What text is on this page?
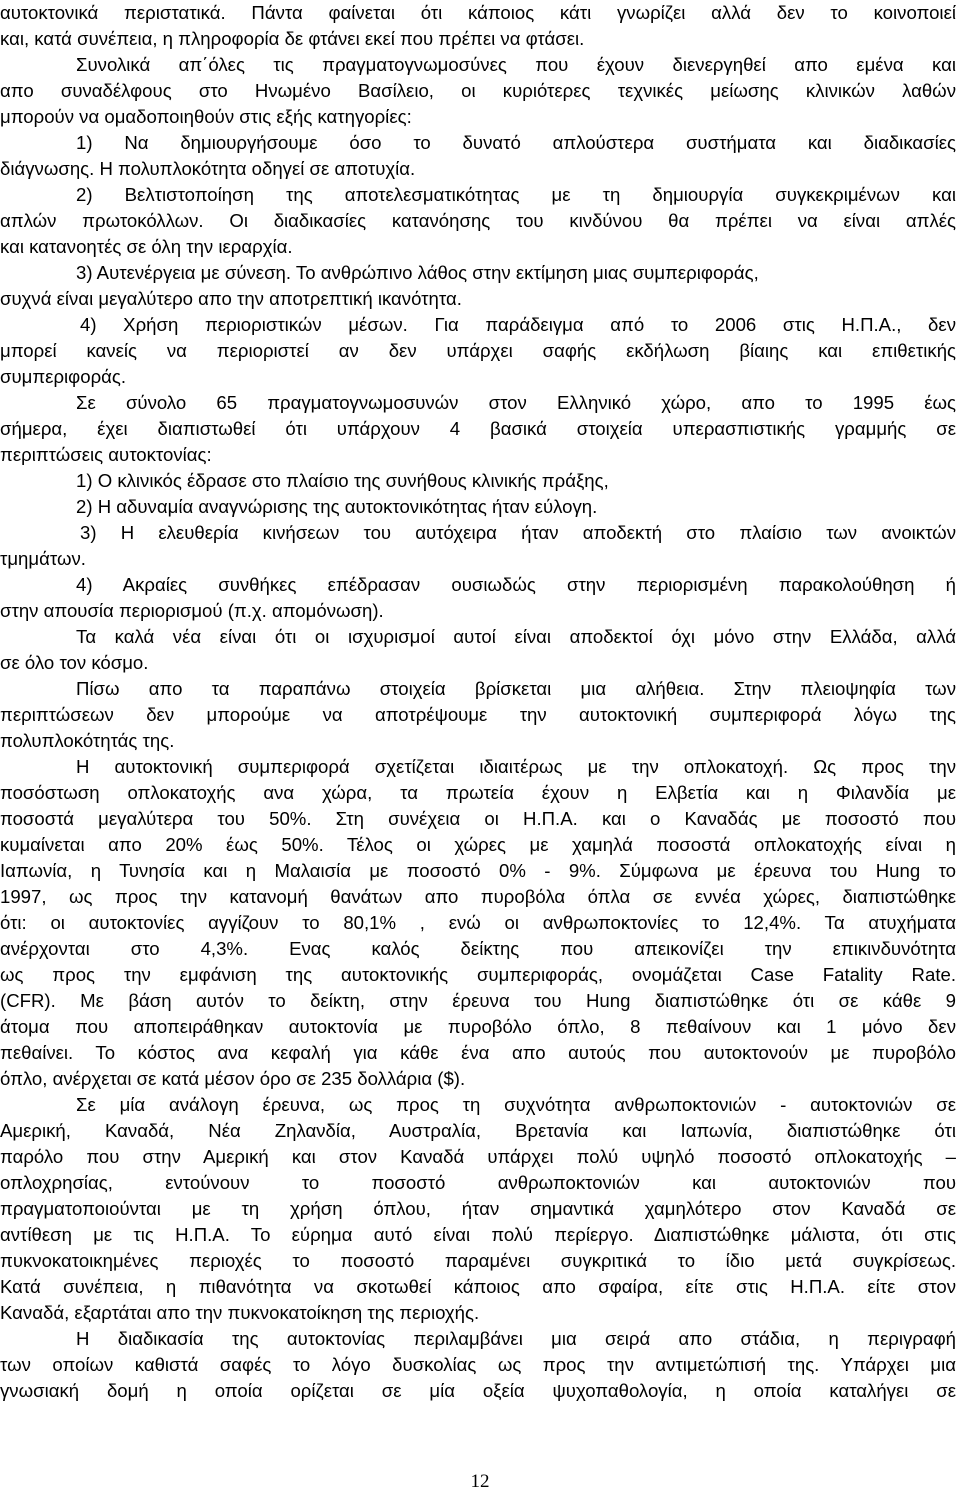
αυτοκτονικά περιστατικά. Πάντα φαίνεται ότι κάποιος κάτι γνωρίζει αλλά δεν το κοινοποιεί
και, κατά συνέπεια, η πληροφορία δε φτάνει εκεί που πρέπει να φτάσει.
Συνολικά απ΄όλες τις πραγματογνωμοσύνες που έχουν διενεργηθεί απο εμένα και
απο συναδέλφους στο Ηνωμένο Βασίλειο, οι κυριότερες τεχνικές μείωσης κλινικών λαθών
μπορούν να ομαδοποιηθούν στις εξής κατηγορίες:
1) Να δημιουργήσουμε όσο το δυνατό απλούστερα συστήματα και διαδικασίες
διάγνωσης. Η πολυπλοκότητα οδηγεί σε αποτυχία.
2) Βελτιστοποίηση της αποτελεσματικότητας με τη δημιουργία συγκεκριμένων και
απλών πρωτοκόλλων. Οι διαδικασίες κατανόησης του κινδύνου θα πρέπει να είναι απλές
και κατανοητές σε όλη την ιεραρχία.
3) Αυτενέργεια με σύνεση. Το ανθρώπινο λάθος στην εκτίμηση μιας συμπεριφοράς,
συχνά είναι μεγαλύτερο απο την αποτρεπτική ικανότητα.
4) Χρήση περιοριστικών μέσων. Για παράδειγμα από το 2006 στις Η.Π.Α., δεν
μπορεί κανείς να περιοριστεί αν δεν υπάρχει σαφής εκδήλωση βίαιης και επιθετικής
συμπεριφοράς.
Σε σύνολο 65 πραγματογνωμοσυνών στον Ελληνικό χώρο, απο το 1995 έως
σήμερα, έχει διαπιστωθεί ότι υπάρχουν 4 βασικά στοιχεία υπερασπιστικής γραμμής σε
περιπτώσεις αυτοκτονίας:
1) Ο κλινικός έδρασε στο πλαίσιο της συνήθους κλινικής πράξης,
2) Η αδυναμία αναγνώρισης της αυτοκτονικότητας ήταν εύλογη.
3) Η ελευθερία κινήσεων του αυτόχειρα ήταν αποδεκτή στο πλαίσιο των ανοικτών
τμημάτων.
4) Ακραίες συνθήκες επέδρασαν ουσιωδώς στην περιορισμένη παρακολούθηση ή
στην απουσία περιορισμού (π.χ. απομόνωση).
Τα καλά νέα είναι ότι οι ισχυρισμοί αυτοί είναι αποδεκτοί όχι μόνο στην Ελλάδα, αλλά
σε όλο τον κόσμο.
Πίσω απο τα παραπάνω στοιχεία βρίσκεται μια αλήθεια. Στην πλειοψηφία των
περιπτώσεων δεν μπορούμε να αποτρέψουμε την αυτοκτονική συμπεριφορά λόγω της
πολυπλοκότητάς της.
Η αυτοκτονική συμπεριφορά σχετίζεται ιδιαιτέρως με την οπλοκατοχή. Ως προς την
ποσόστωση οπλοκατοχής ανα χώρα, τα πρωτεία έχουν η Ελβετία και η Φιλανδία με
ποσοστά μεγαλύτερα του 50%. Στη συνέχεια οι Η.Π.Α. και ο Καναδάς με ποσοστό που
κυμαίνεται απο 20% έως 50%. Τέλος οι χώρες με χαμηλά ποσοστά οπλοκατοχής είναι η
Ιαπωνία, η Τυνησία και η Μαλαισία με ποσοστό 0% - 9%. Σύμφωνα με έρευνα του Hung το
1997, ως προς την κατανομή θανάτων απο πυροβόλα όπλα σε εννέα χώρες, διαπιστώθηκε
ότι: οι αυτοκτονίες αγγίζουν το 80,1% , ενώ οι ανθρωποκτονίες το 12,4%. Τα ατυχήματα
ανέρχονται στο 4,3%. Ενας καλός δείκτης που απεικονίζει την επικινδυνότητα
ως προς την εμφάνιση της αυτοκτονικής συμπεριφοράς, ονομάζεται Case Fatality Rate.
(CFR). Με βάση αυτόν το δείκτη, στην έρευνα του Hung διαπιστώθηκε ότι σε κάθε 9
άτομα που αποπειράθηκαν αυτοκτονία με πυροβόλο όπλο, 8 πεθαίνουν και 1 μόνο δεν
πεθαίνει. Το κόστος ανα κεφαλή για κάθε ένα απο αυτούς που αυτοκτονούν με πυροβόλο
όπλο, ανέρχεται σε κατά μέσον όρο σε 235 δολλάρια ($).
Σε μία ανάλογη έρευνα, ως προς τη συχνότητα ανθρωποκτονιών - αυτοκτονιών σε
Αμερική, Καναδά, Νέα Ζηλανδία, Αυστραλία, Βρετανία και Ιαπωνία, διαπιστώθηκε ότι
παρόλο που στην Αμερική και στον Καναδά υπάρχει πολύ υψηλό ποσοστό οπλοκατοχής –
οπλοχρησίας, εντούνουν το ποσοστό ανθρωποκτονιών και αυτοκτονιών που
πραγματοποιούνται με τη χρήση όπλου, ήταν σημαντικά χαμηλότερο στον Καναδά σε
αντίθεση με τις Η.Π.Α. Το εύρημα αυτό είναι πολύ περίεργο. Διαπιστώθηκε μάλιστα, ότι στις
πυκνοκατοικημένες περιοχές το ποσοστό παραμένει συγκριτικά το ίδιο μετά συγκρίσεως.
Κατά συνέπεια, η πιθανότητα να σκοτωθεί κάποιος απο σφαίρα, είτε στις Η.Π.Α. είτε στον
Καναδά, εξαρτάται απο την πυκνοκατοίκηση της περιοχής.
Η διαδικασία της αυτοκτονίας περιλαμβάνει μια σειρά απο στάδια, η περιγραφή
των οποίων καθιστά σαφές το λόγο δυσκολίας ως προς την αντιμετώπισή της. Υπάρχει μια
γνωσιακή δομή η οποία ορίζεται σε μία οξεία ψυχοπαθολογία, η οποία καταλήγει σε
12
